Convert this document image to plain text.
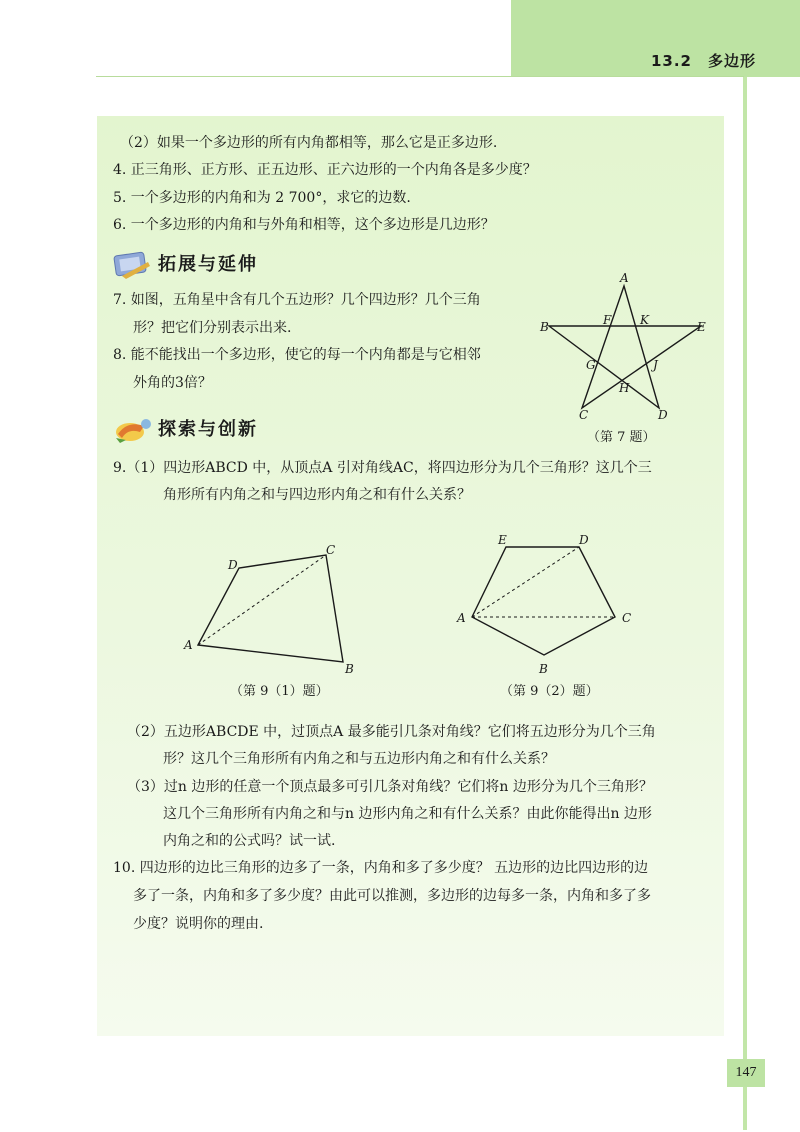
13.2　多边形
（2）如果一个多边形的所有内角都相等，那么它是正多边形.
4. 正三角形、正方形、正五边形、正六边形的一个内角各是多少度？
5. 一个多边形的内角和为 2 700°，求它的边数.
6. 一个多边形的内角和与外角和相等，这个多边形是几边形？
拓展与延伸
7. 如图，五角星中含有几个五边形？几个四边形？几个三角
形？把它们分别表示出来.
8. 能不能找出一个多边形，使它的每一个内角都是与它相邻
外角的3倍？
A
B	E
F K
G	J
H
C	D
（第 7 题）
探索与创新
9.（1）四边形ABCD 中，从顶点A 引对角线AC，将四边形分为几个三角形？这几个三
角形所有内角之和与四边形内角之和有什么关系？
A
B
C
D
（第 9（1）题）
A
B
C
D
E
（第 9（2）题）
（2）五边形ABCDE 中，过顶点A 最多能引几条对角线？它们将五边形分为几个三角
形？这几个三角形所有内角之和与五边形内角之和有什么关系？
（3）过n 边形的任意一个顶点最多可引几条对角线？它们将n 边形分为几个三角形？
这几个三角形所有内角之和与n 边形内角之和有什么关系？由此你能得出n 边形
内角之和的公式吗？试一试.
10. 四边形的边比三角形的边多了一条，内角和多了多少度？ 五边形的边比四边形的边
多了一条，内角和多了多少度？由此可以推测，多边形的边每多一条，内角和多了多
少度？说明你的理由.
147
